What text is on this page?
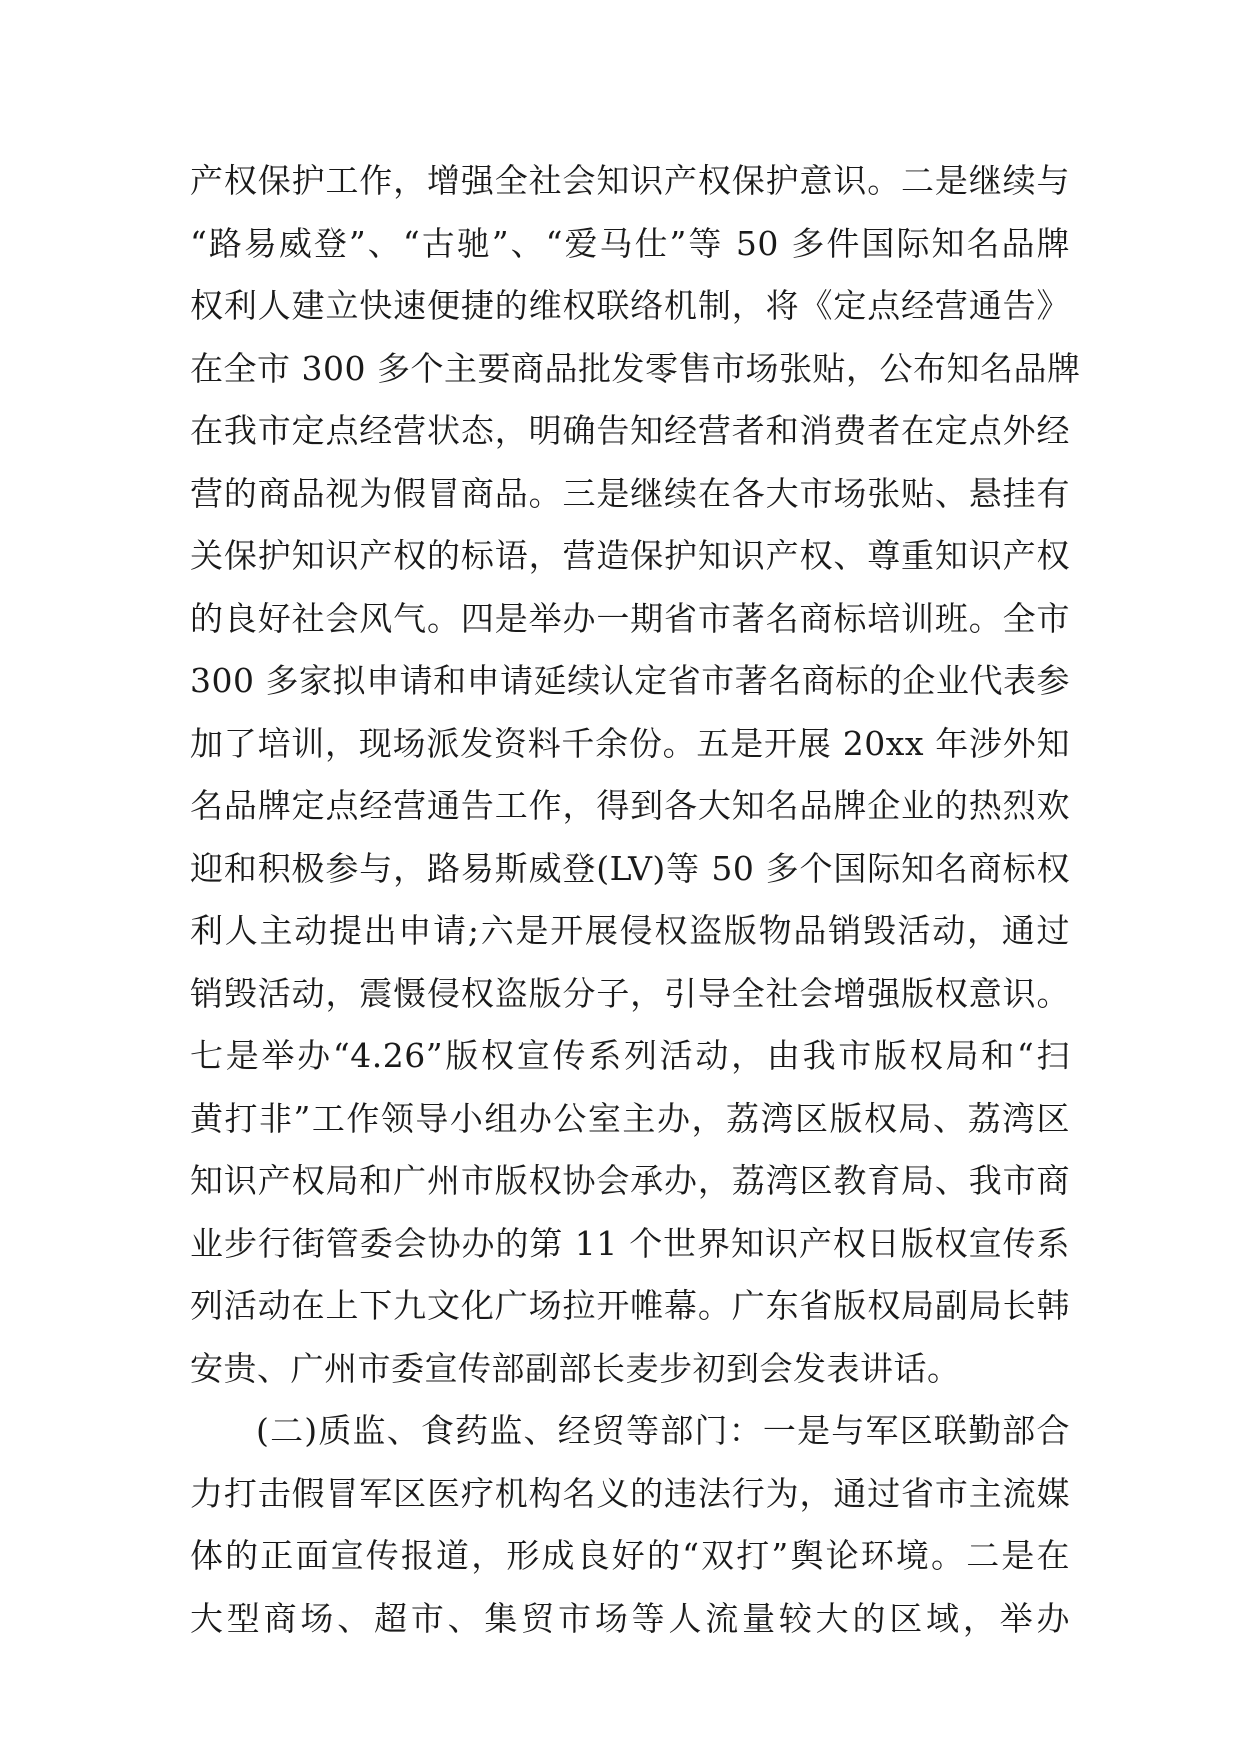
产权保护工作，增强全社会知识产权保护意识。二是继续与
“路易威登”、“古驰”、“爱马仕”等 50 多件国际知名品牌
权利人建立快速便捷的维权联络机制，将《定点经营通告》
在全市 300 多个主要商品批发零售市场张贴，公布知名品牌
在我市定点经营状态，明确告知经营者和消费者在定点外经
营的商品视为假冒商品。三是继续在各大市场张贴、悬挂有
关保护知识产权的标语，营造保护知识产权、尊重知识产权
的良好社会风气。四是举办一期省市著名商标培训班。全市
300 多家拟申请和申请延续认定省市著名商标的企业代表参
加了培训，现场派发资料千余份。五是开展 20xx 年涉外知
名品牌定点经营通告工作，得到各大知名品牌企业的热烈欢
迎和积极参与，路易斯威登(LV)等 50 多个国际知名商标权
利人主动提出申请;六是开展侵权盗版物品销毁活动，通过
销毁活动，震慑侵权盗版分子，引导全社会增强版权意识。
七是举办“4.26”版权宣传系列活动，由我市版权局和“扫
黄打非”工作领导小组办公室主办，荔湾区版权局、荔湾区
知识产权局和广州市版权协会承办，荔湾区教育局、我市商
业步行街管委会协办的第 11 个世界知识产权日版权宣传系
列活动在上下九文化广场拉开帷幕。广东省版权局副局长韩
安贵、广州市委宣传部副部长麦步初到会发表讲话。
(二)质监、食药监、经贸等部门：一是与军区联勤部合
力打击假冒军区医疗机构名义的违法行为，通过省市主流媒
体的正面宣传报道，形成良好的“双打”舆论环境。二是在
大型商场、超市、集贸市场等人流量较大的区域，举办
